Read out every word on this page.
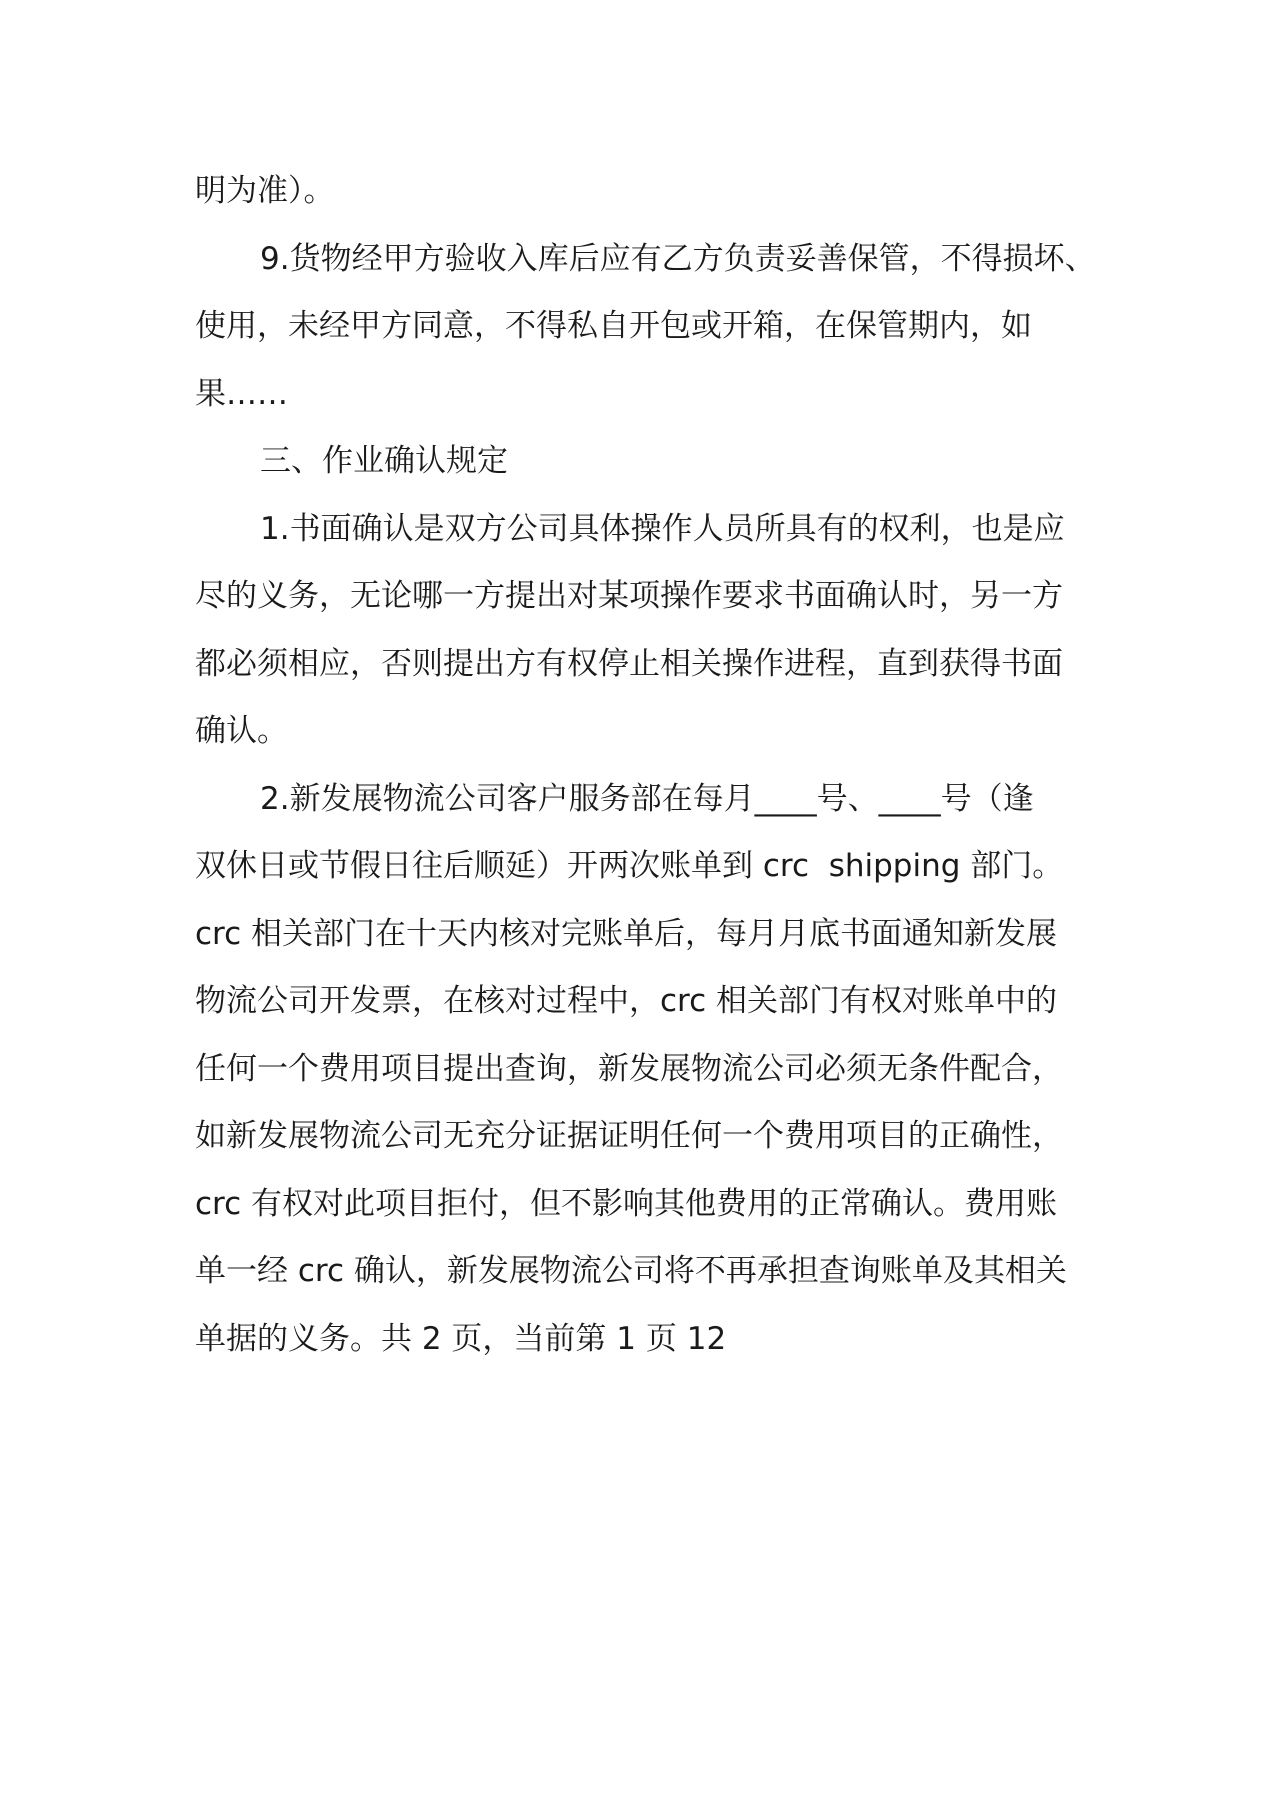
明为准）。
9.货物经甲方验收入库后应有乙方负责妥善保管，不得损坏、
使用，未经甲方同意，不得私自开包或开箱，在保管期内，如
果……
三、作业确认规定
1.书面确认是双方公司具体操作人员所具有的权利，也是应
尽的义务，无论哪一方提出对某项操作要求书面确认时，另一方
都必须相应，否则提出方有权停止相关操作进程，直到获得书面
确认。
2.新发展物流公司客户服务部在每月____号、____号（逢
双休日或节假日往后顺延）开两次账单到 crc  shipping 部门。
crc 相关部门在十天内核对完账单后，每月月底书面通知新发展
物流公司开发票，在核对过程中，crc 相关部门有权对账单中的
任何一个费用项目提出查询，新发展物流公司必须无条件配合，
如新发展物流公司无充分证据证明任何一个费用项目的正确性，
crc 有权对此项目拒付，但不影响其他费用的正常确认。费用账
单一经 crc 确认，新发展物流公司将不再承担查询账单及其相关
单据的义务。共 2 页，当前第 1 页 12
